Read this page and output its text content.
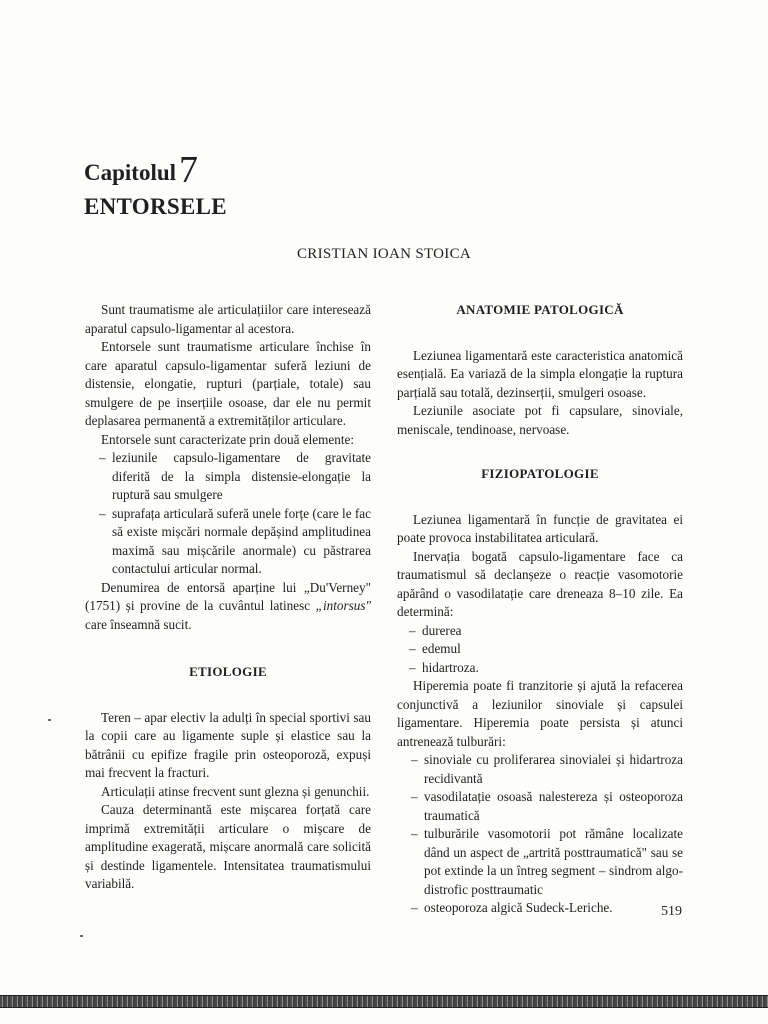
Capitolul7
ENTORSELE
CRISTIAN IOAN STOICA

Sunt traumatisme ale articulațiilor care interesează aparatul capsulo-ligamentar al acestora.

Entorsele sunt traumatisme articulare închise în care aparatul capsulo-ligamentar suferă leziuni de distensie, elongatie, rupturi (parțiale, totale) sau smulgere de pe inserțiile osoase, dar ele nu permit deplasarea permanentă a extremităților articulare.

Entorsele sunt caracterizate prin două elemente:

– leziunile capsulo-ligamentare de gravitate diferită de la simpla distensie-elongație la ruptură sau smulgere
– suprafața articulară suferă unele forțe (care le fac să existe mișcări normale depășind amplitudinea maximă sau mișcările anormale) cu păstrarea contactului articular normal.

Denumirea de entorsă aparține lui „Du'Verney" (1751) și provine de la cuvântul latinesc „intorsus" care înseamnă sucit.

ETIOLOGIE

Teren – apar electiv la adulți în special sportivi sau la copii care au ligamente suple și elastice sau la bătrânii cu epifize fragile prin osteoporoză, expuși mai frecvent la fracturi.

Articulații atinse frecvent sunt glezna și genunchii.

Cauza determinantă este mișcarea forțată care imprimă extremității articulare o mișcare de amplitudine exagerată, mișcare anormală care solicită și destinde ligamentele. Intensitatea traumatismului variabilă.

ANATOMIE PATOLOGICĂ

Leziunea ligamentară este caracteristica anatomică esențială. Ea variază de la simpla elongație la ruptura parțială sau totală, dezinserții, smulgeri osoase.

Leziunile asociate pot fi capsulare, sinoviale, meniscale, tendinoase, nervoase.

FIZIOPATOLOGIE

Leziunea ligamentară în funcție de gravitatea ei poate provoca instabilitatea articulară.

Inervația bogată capsulo-ligamentare face ca traumatismul să declanșeze o reacție vasomotorie apărând o vasodilatație care dreneaza 8–10 zile. Ea determină:

– durerea
– edemul
– hidartroza.

Hiperemia poate fi tranzitorie și ajută la refacerea conjunctivă a leziunilor sinoviale și capsulei ligamentare. Hiperemia poate persista și atunci antrenează tulburări:

– sinoviale cu proliferarea sinovialei și hidartroza recidivantă
– vasodilatație osoasă nalestereza și osteoporoza traumatică
– tulburările vasomotorii pot rămâne localizate dând un aspect de „artrită posttraumatică" sau se pot extinde la un întreg segment – sindrom algo-distrofic posttraumatic
– osteoporoza algică Sudeck-Leriche.	519
